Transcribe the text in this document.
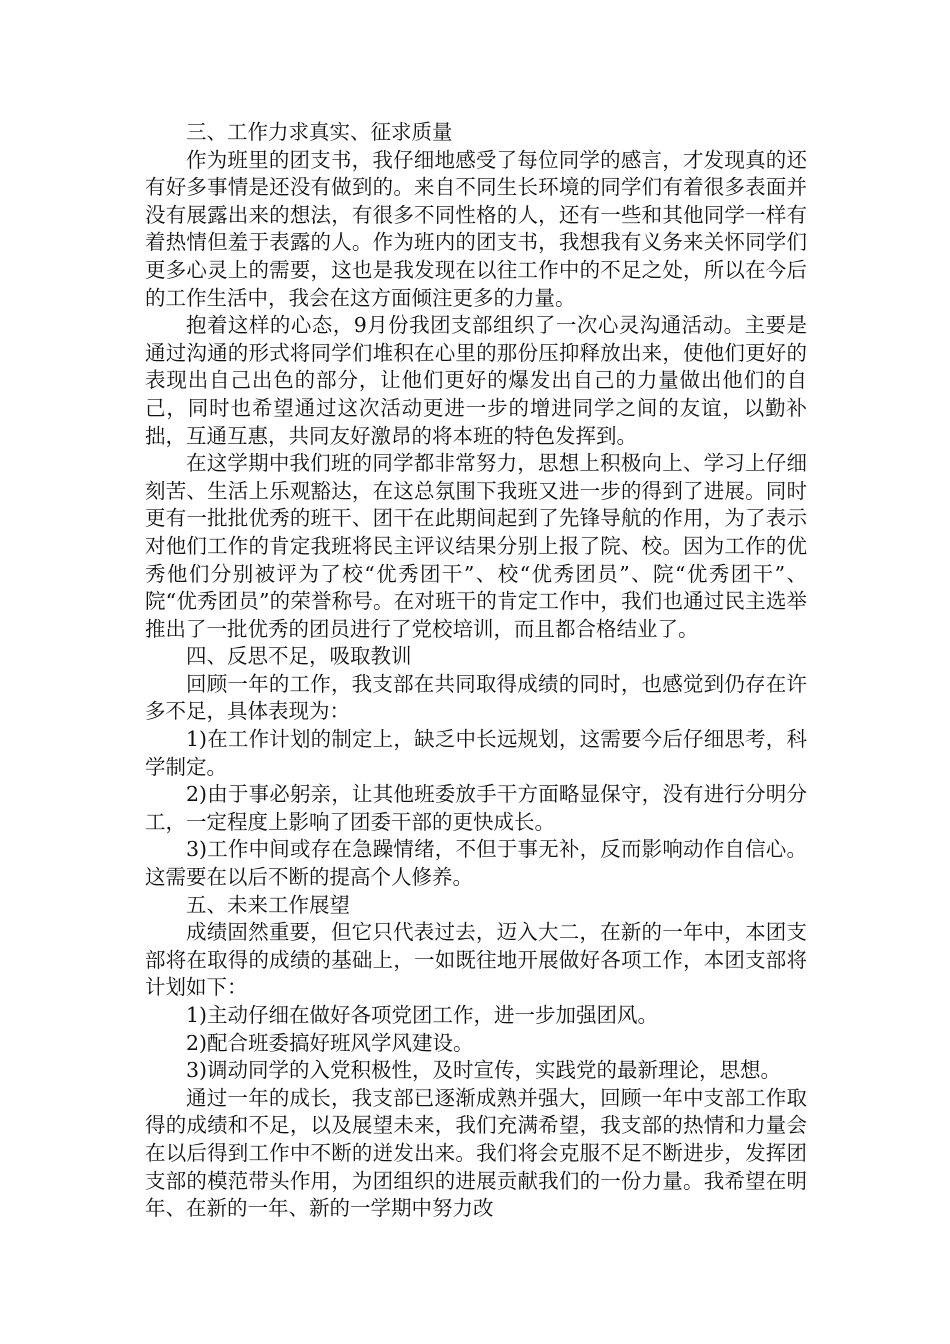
三、工作力求真实、征求质量

作为班里的团支书，我仔细地感受了每位同学的感言，才发现真的还有好多事情是还没有做到的。来自不同生长环境的同学们有着很多表面并没有展露出来的想法，有很多不同性格的人，还有一些和其他同学一样有着热情但羞于表露的人。作为班内的团支书，我想我有义务来关怀同学们更多心灵上的需要，这也是我发现在以往工作中的不足之处，所以在今后的工作生活中，我会在这方面倾注更多的力量。

抱着这样的心态，9月份我团支部组织了一次心灵沟通活动。主要是通过沟通的形式将同学们堆积在心里的那份压抑释放出来，使他们更好的表现出自己出色的部分，让他们更好的爆发出自己的力量做出他们的自己，同时也希望通过这次活动更进一步的增进同学之间的友谊，以勤补拙，互通互惠，共同友好激昂的将本班的特色发挥到。

在这学期中我们班的同学都非常努力，思想上积极向上、学习上仔细刻苦、生活上乐观豁达，在这总氛围下我班又进一步的得到了进展。同时更有一批批优秀的班干、团干在此期间起到了先锋导航的作用，为了表示对他们工作的肯定我班将民主评议结果分别上报了院、校。因为工作的优秀他们分别被评为了校“优秀团干”、校“优秀团员”、院“优秀团干”、院“优秀团员”的荣誉称号。在对班干的肯定工作中，我们也通过民主选举推出了一批优秀的团员进行了党校培训，而且都合格结业了。

四、反思不足，吸取教训

回顾一年的工作，我支部在共同取得成绩的同时，也感觉到仍存在许多不足，具体表现为：

1)在工作计划的制定上，缺乏中长远规划，这需要今后仔细思考，科学制定。

2)由于事必躬亲，让其他班委放手干方面略显保守，没有进行分明分工，一定程度上影响了团委干部的更快成长。

3)工作中间或存在急躁情绪，不但于事无补，反而影响动作自信心。这需要在以后不断的提高个人修养。

五、未来工作展望

成绩固然重要，但它只代表过去，迈入大二，在新的一年中，本团支部将在取得的成绩的基础上，一如既往地开展做好各项工作，本团支部将计划如下：

1)主动仔细在做好各项党团工作，进一步加强团风。

2)配合班委搞好班风学风建设。

3)调动同学的入党积极性，及时宣传，实践党的最新理论，思想。

通过一年的成长，我支部已逐渐成熟并强大，回顾一年中支部工作取得的成绩和不足，以及展望未来，我们充满希望，我支部的热情和力量会在以后得到工作中不断的迸发出来。我们将会克服不足不断进步，发挥团支部的模范带头作用，为团组织的进展贡献我们的一份力量。我希望在明年、在新的一年、新的一学期中努力改
